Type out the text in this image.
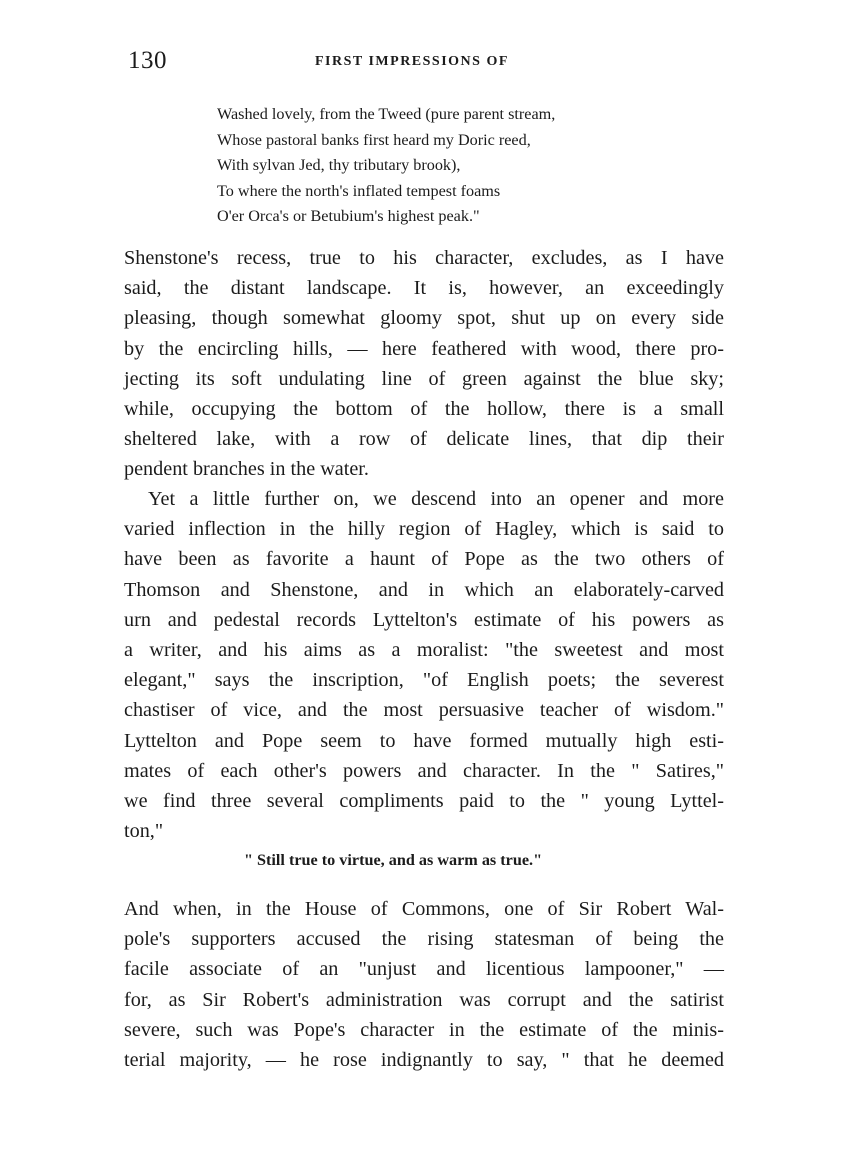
130	FIRST IMPRESSIONS OF
Washed lovely, from the Tweed (pure parent stream,
Whose pastoral banks first heard my Doric reed,
With sylvan Jed, thy tributary brook),
To where the north's inflated tempest foams
O'er Orca's or Betubium's highest peak."
Shenstone's recess, true to his character, excludes, as I have
said, the distant landscape. It is, however, an exceedingly
pleasing, though somewhat gloomy spot, shut up on every side
by the encircling hills, — here feathered with wood, there pro-
jecting its soft undulating line of green against the blue sky;
while, occupying the bottom of the hollow, there is a small
sheltered lake, with a row of delicate lines, that dip their
pendent branches in the water.
Yet a little further on, we descend into an opener and more
varied inflection in the hilly region of Hagley, which is said to
have been as favorite a haunt of Pope as the two others of
Thomson and Shenstone, and in which an elaborately-carved
urn and pedestal records Lyttelton's estimate of his powers as
a writer, and his aims as a moralist: "the sweetest and most
elegant," says the inscription, "of English poets; the severest
chastiser of vice, and the most persuasive teacher of wisdom."
Lyttelton and Pope seem to have formed mutually high esti-
mates of each other's powers and character. In the " Satires,"
we find three several compliments paid to the " young Lyttel-
ton,"
" Still true to virtue, and as warm as true."
And when, in the House of Commons, one of Sir Robert Wal-
pole's supporters accused the rising statesman of being the
facile associate of an "unjust and licentious lampooner," —
for, as Sir Robert's administration was corrupt and the satirist
severe, such was Pope's character in the estimate of the minis-
terial majority, — he rose indignantly to say, " that he deemed
